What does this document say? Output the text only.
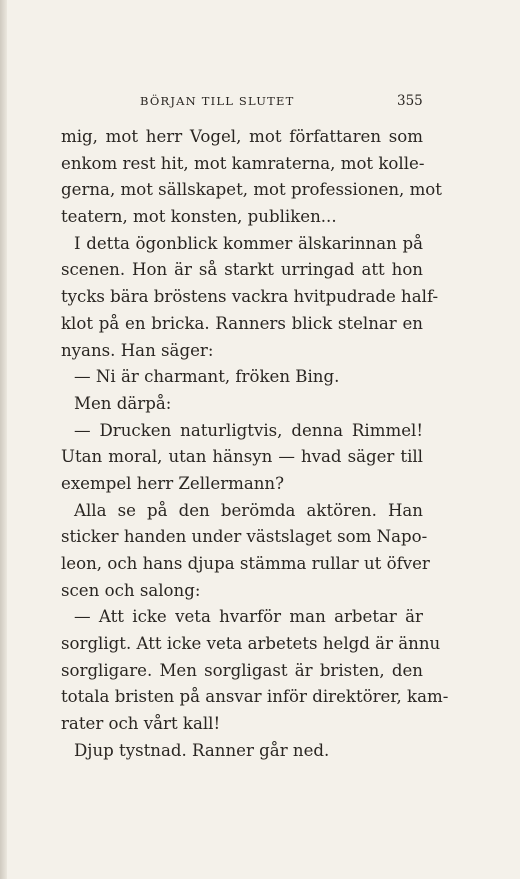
BÖRJAN TILL SLUTET	355
mig, mot herr Vogel, mot författaren som
enkom rest hit, mot kamraterna, mot kolle-
gerna, mot sällskapet, mot professionen, mot
teatern, mot konsten, publiken...
I detta ögonblick kommer älskarinnan på
scenen. Hon är så starkt urringad att hon
tycks bära bröstens vackra hvitpudrade half-
klot på en bricka. Ranners blick stelnar en
nyans. Han säger:
— Ni är charmant, fröken Bing.
Men därpå:
— Drucken naturligtvis, denna Rimmel!
Utan moral, utan hänsyn — hvad säger till
exempel herr Zellermann?
Alla se på den berömda aktören. Han
sticker handen under västslaget som Napo-
leon, och hans djupa stämma rullar ut öfver
scen och salong:
— Att icke veta hvarför man arbetar är
sorgligt. Att icke veta arbetets helgd är ännu
sorgligare. Men sorgligast är bristen, den
totala bristen på ansvar inför direktörer, kam-
rater och vårt kall!
Djup tystnad. Ranner går ned.
